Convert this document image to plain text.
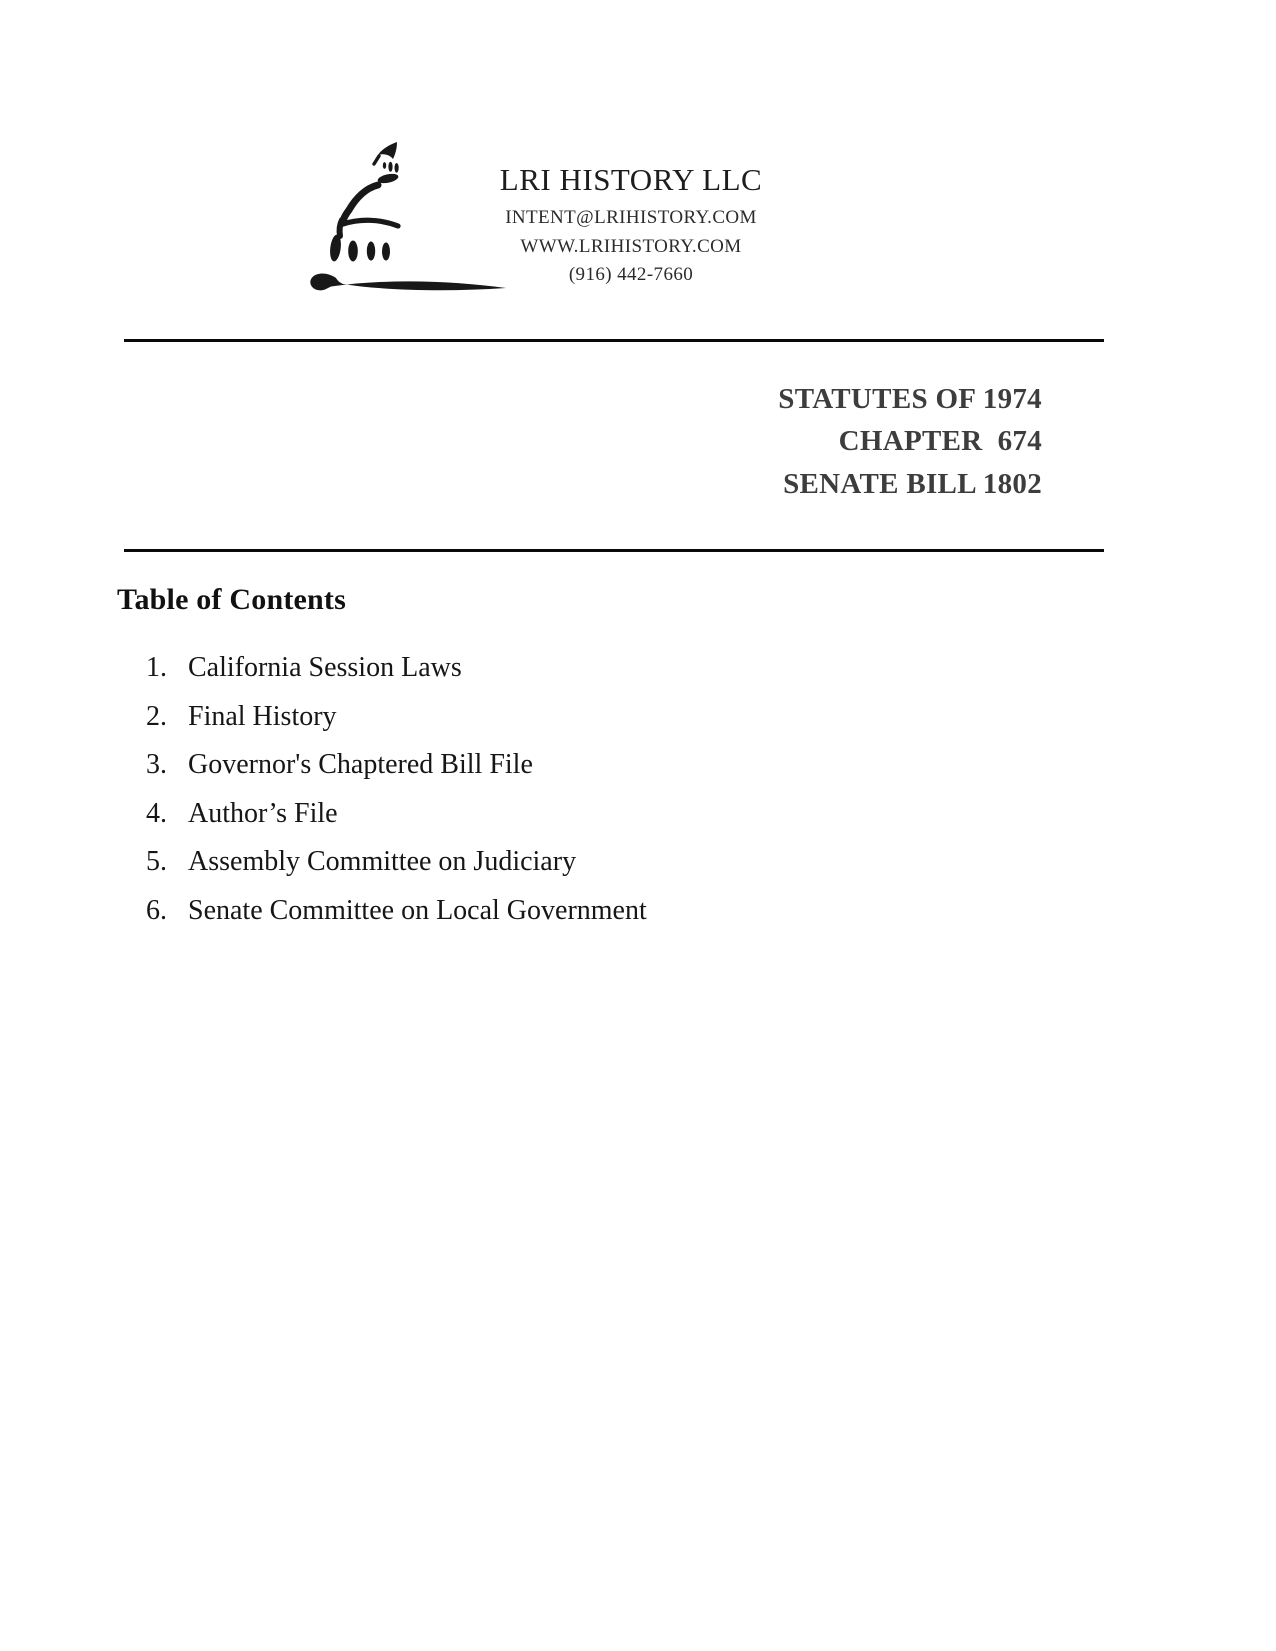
LRI HISTORY LLC
INTENT@LRIHISTORY.COM
WWW.LRIHISTORY.COM
(916) 442-7660
STATUTES OF 1974
CHAPTER  674
SENATE BILL 1802
Table of Contents
1. California Session Laws
2. Final History
3. Governor's Chaptered Bill File
4. Author’s File
5. Assembly Committee on Judiciary
6. Senate Committee on Local Government
